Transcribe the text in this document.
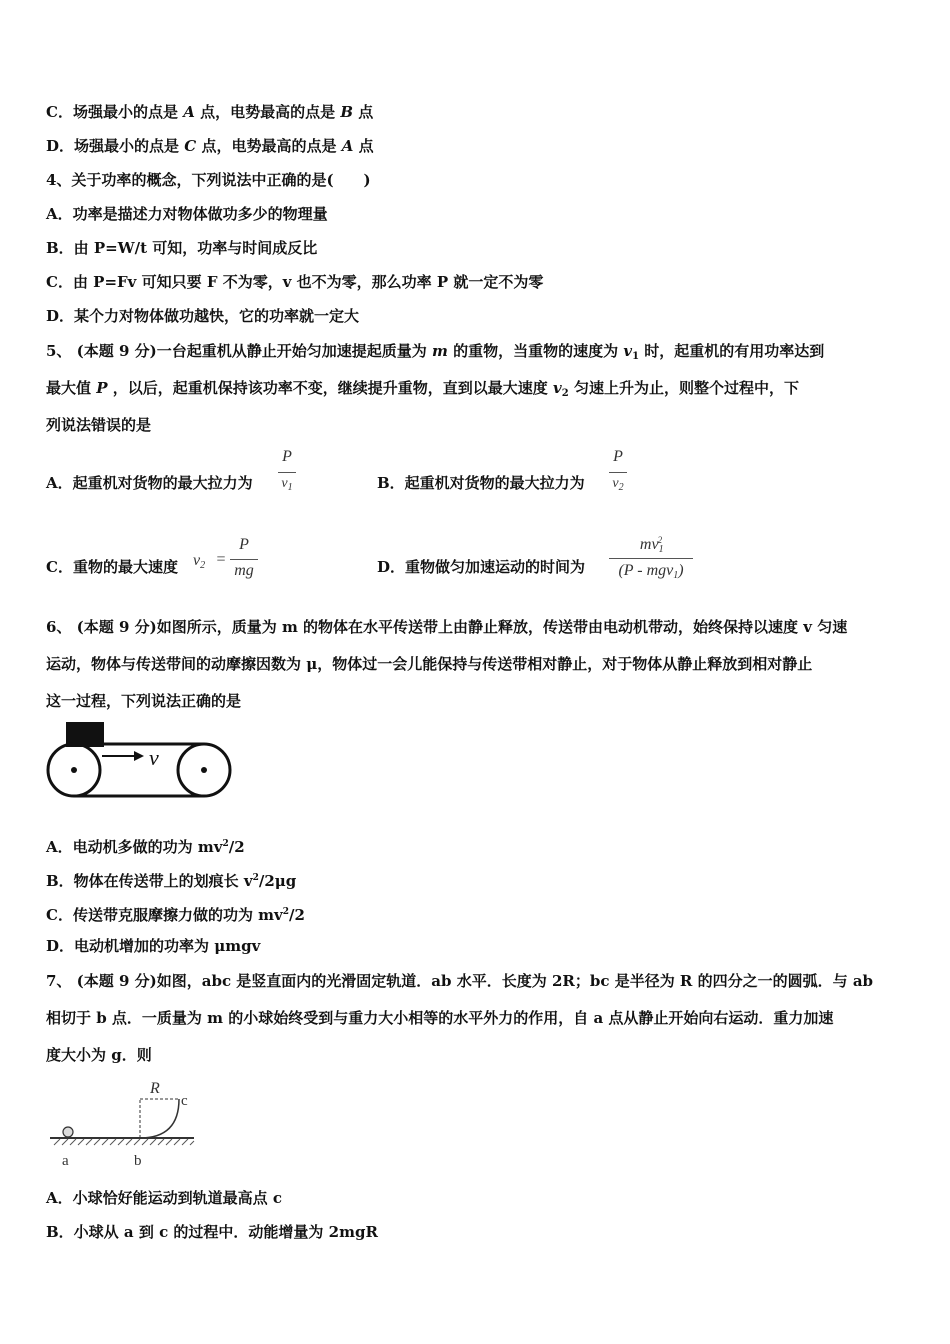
C．场强最小的点是 A 点，电势最高的点是 B 点
D．场强最小的点是 C 点，电势最高的点是 A 点
4、关于功率的概念，下列说法中正确的是(　　)
A．功率是描述力对物体做功多少的物理量
B．由 P=W/t 可知，功率与时间成反比
C．由 P=Fv 可知只要 F 不为零，v 也不为零，那么功率 P 就一定不为零
D．某个力对物体做功越快，它的功率就一定大
5、 (本题 9 分)一台起重机从静止开始匀加速提起质量为 m 的重物，当重物的速度为 $v_1$ 时，起重机的有用功率达到
最大值 P ，以后，起重机保持该功率不变，继续提升重物，直到以最大速度 $v_2$ 匀速上升为止，则整个过程中，下
列说法错误的是
A．起重机对货物的最大拉力为
P
$v_1$	B．起重机对货物的最大拉力为
P
$v_2$
C．重物的最大速度 $v_2$ =
P
mg	D．重物做匀加速运动的时间为
$mv_1^2$
(P - mgv$_1$)
6、 (本题 9 分)如图所示，质量为 m 的物体在水平传送带上由静止释放，传送带由电动机带动，始终保持以速度 v 匀速
运动，物体与传送带间的动摩擦因数为 μ，物体过一会儿能保持与传送带相对静止，对于物体从静止释放到相对静止
这一过程，下列说法正确的是
v
A．电动机多做的功为 $mv^2/2$
B．物体在传送带上的划痕长 $v^2/2\mu g$
C．传送带克服摩擦力做的功为 $mv^2/2$
D．电动机增加的功率为 μmgv
7、 (本题 9 分)如图，abc 是竖直面内的光滑固定轨道．ab 水平．长度为 2R；bc 是半径为 R 的四分之一的圆弧．与 ab
相切于 b 点．一质量为 m 的小球始终受到与重力大小相等的水平外力的作用，自 a 点从静止开始向右运动．重力加速
度大小为 g．则
R
c
a	b
A．小球恰好能运动到轨道最高点 c
B．小球从 a 到 c 的过程中．动能增量为 2mgR
